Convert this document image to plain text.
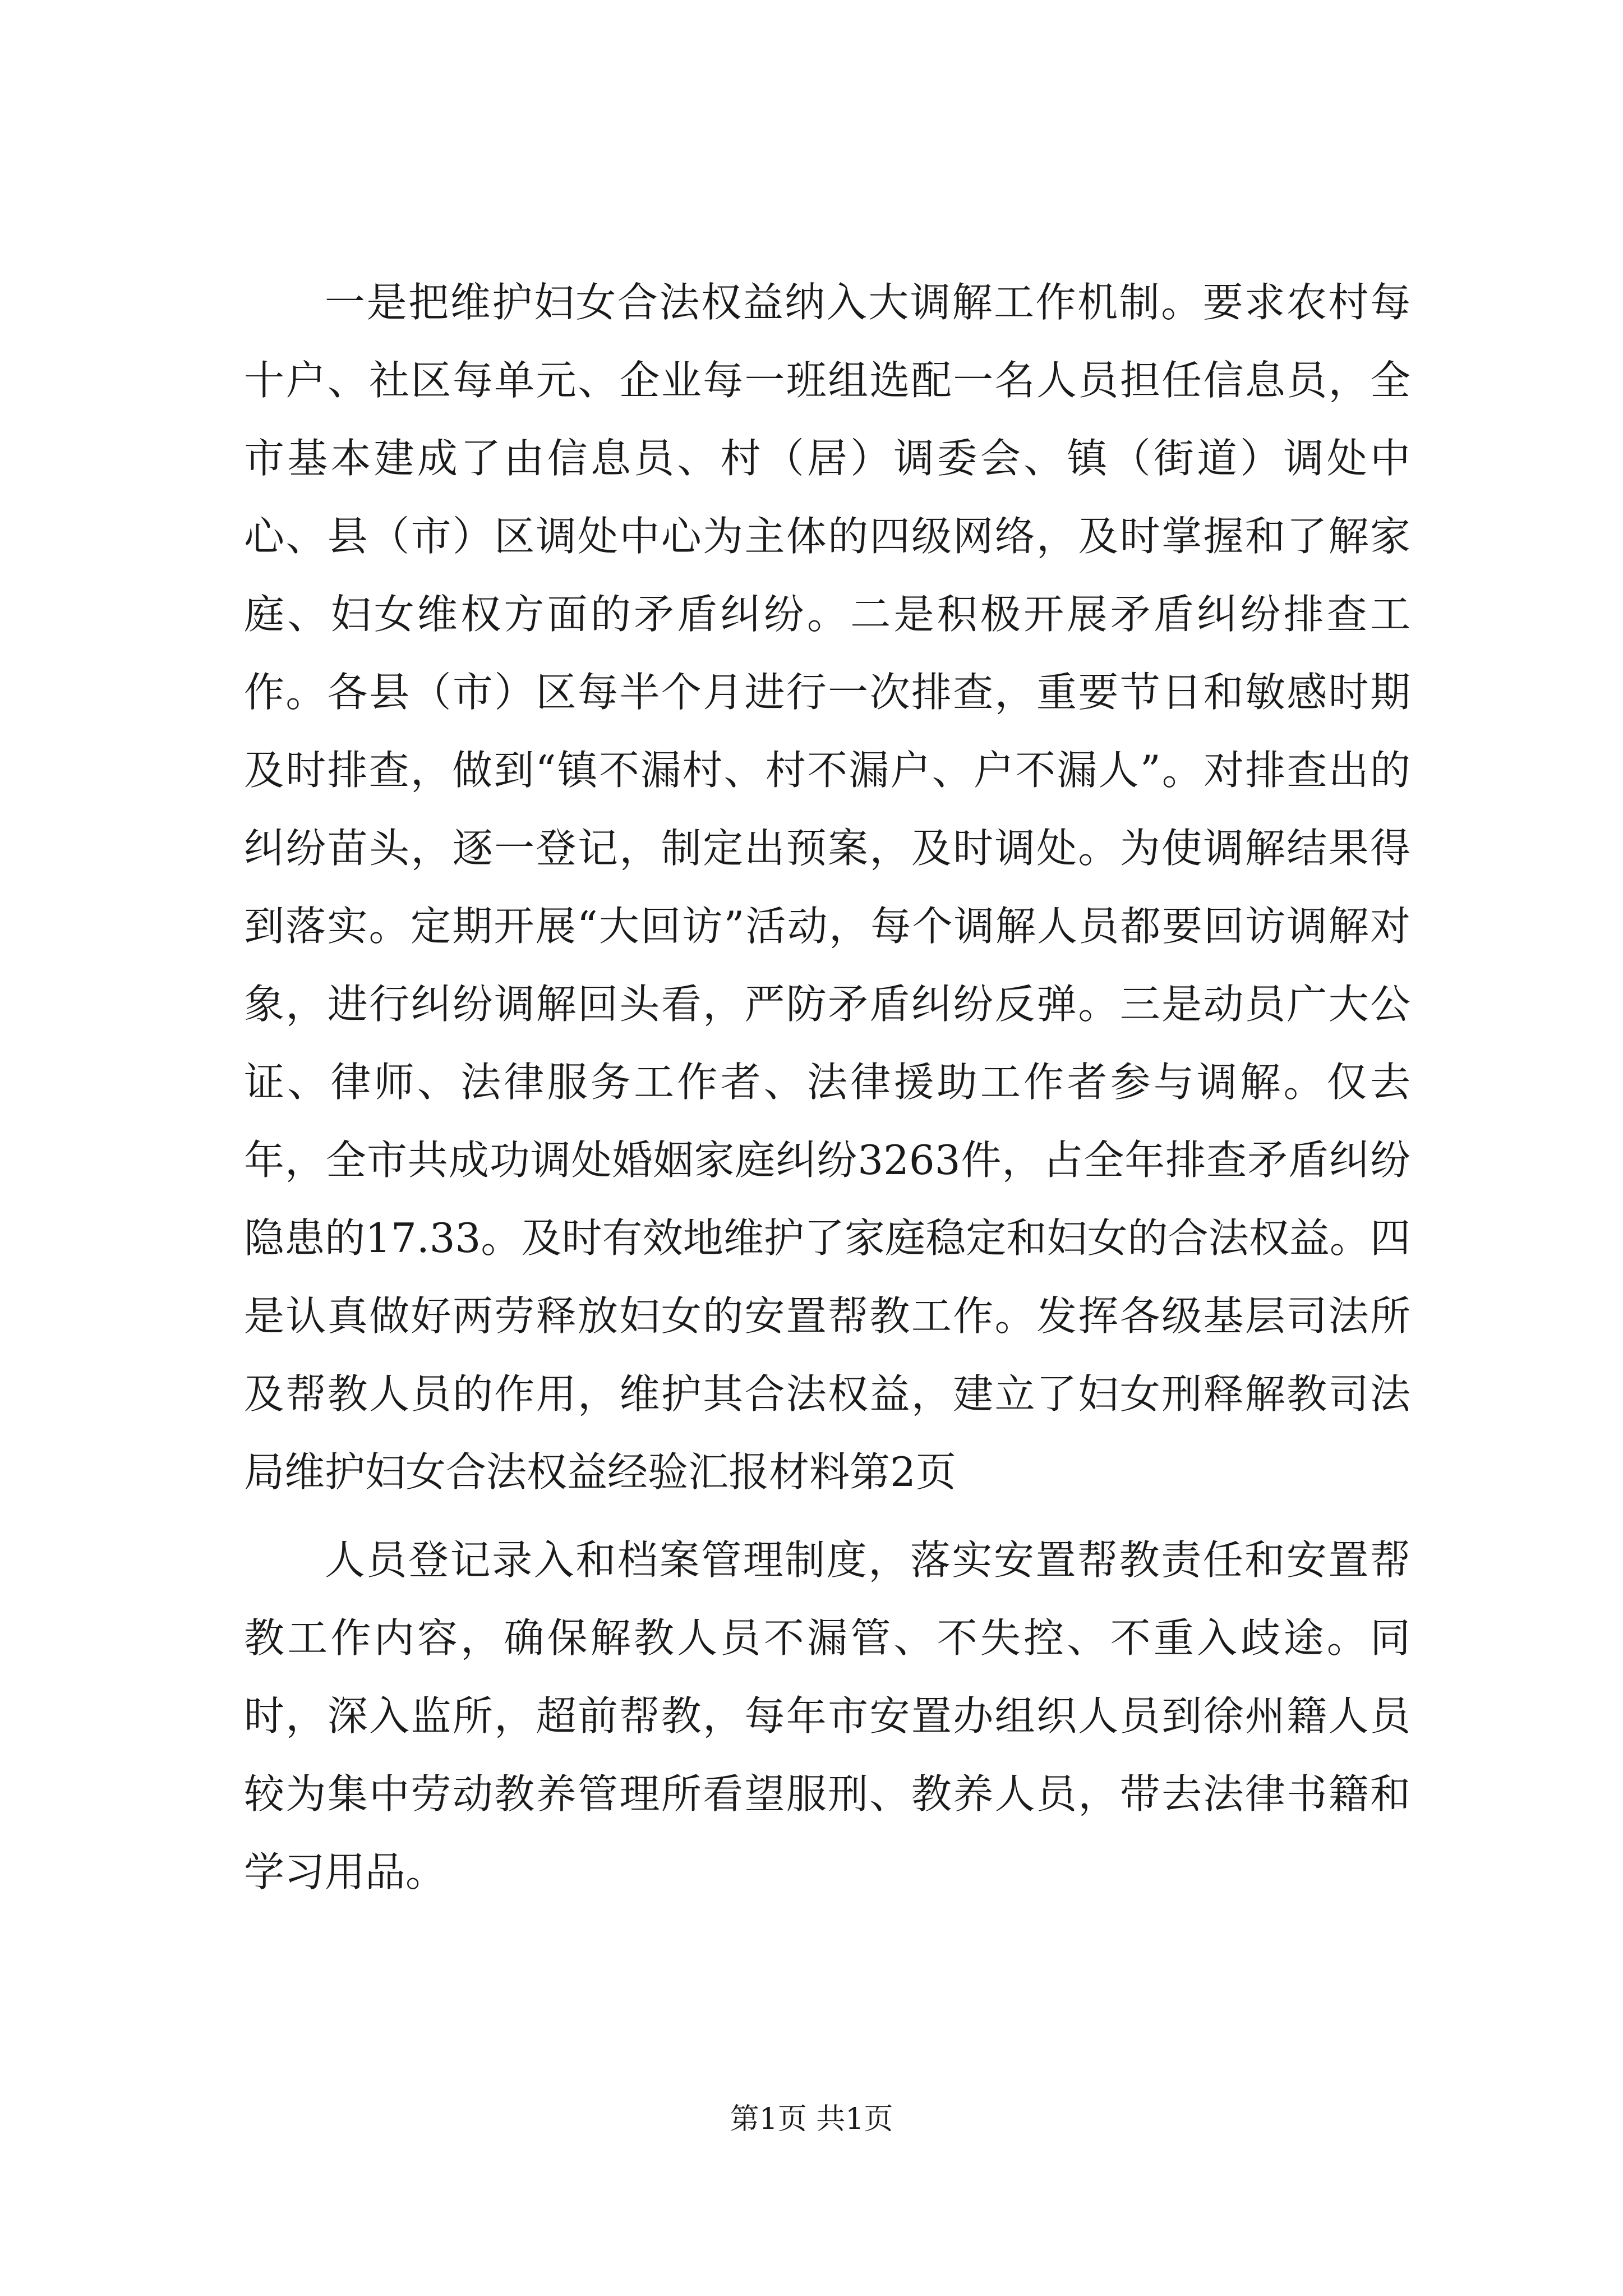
一是把维护妇女合法权益纳入大调解工作机制。要求农村每十户、社区每单元、企业每一班组选配一名人员担任信息员，全市基本建成了由信息员、村（居）调委会、镇（街道）调处中心、县（市）区调处中心为主体的四级网络，及时掌握和了解家庭、妇女维权方面的矛盾纠纷。二是积极开展矛盾纠纷排查工作。各县（市）区每半个月进行一次排查，重要节日和敏感时期及时排查，做到“镇不漏村、村不漏户、户不漏人”。对排查出的纠纷苗头，逐一登记，制定出预案，及时调处。为使调解结果得到落实。定期开展“大回访”活动，每个调解人员都要回访调解对象，进行纠纷调解回头看，严防矛盾纠纷反弹。三是动员广大公证、律师、法律服务工作者、法律援助工作者参与调解。仅去年，全市共成功调处婚姻家庭纠纷3263件，占全年排查矛盾纠纷隐患的17.33。及时有效地维护了家庭稳定和妇女的合法权益。四是认真做好两劳释放妇女的安置帮教工作。发挥各级基层司法所及帮教人员的作用，维护其合法权益，建立了妇女刑释解教司法局维护妇女合法权益经验汇报材料第2页

人员登记录入和档案管理制度，落实安置帮教责任和安置帮教工作内容，确保解教人员不漏管、不失控、不重入歧途。同时，深入监所，超前帮教，每年市安置办组织人员到徐州籍人员较为集中劳动教养管理所看望服刑、教养人员，带去法律书籍和学习用品。

第1页 共1页
